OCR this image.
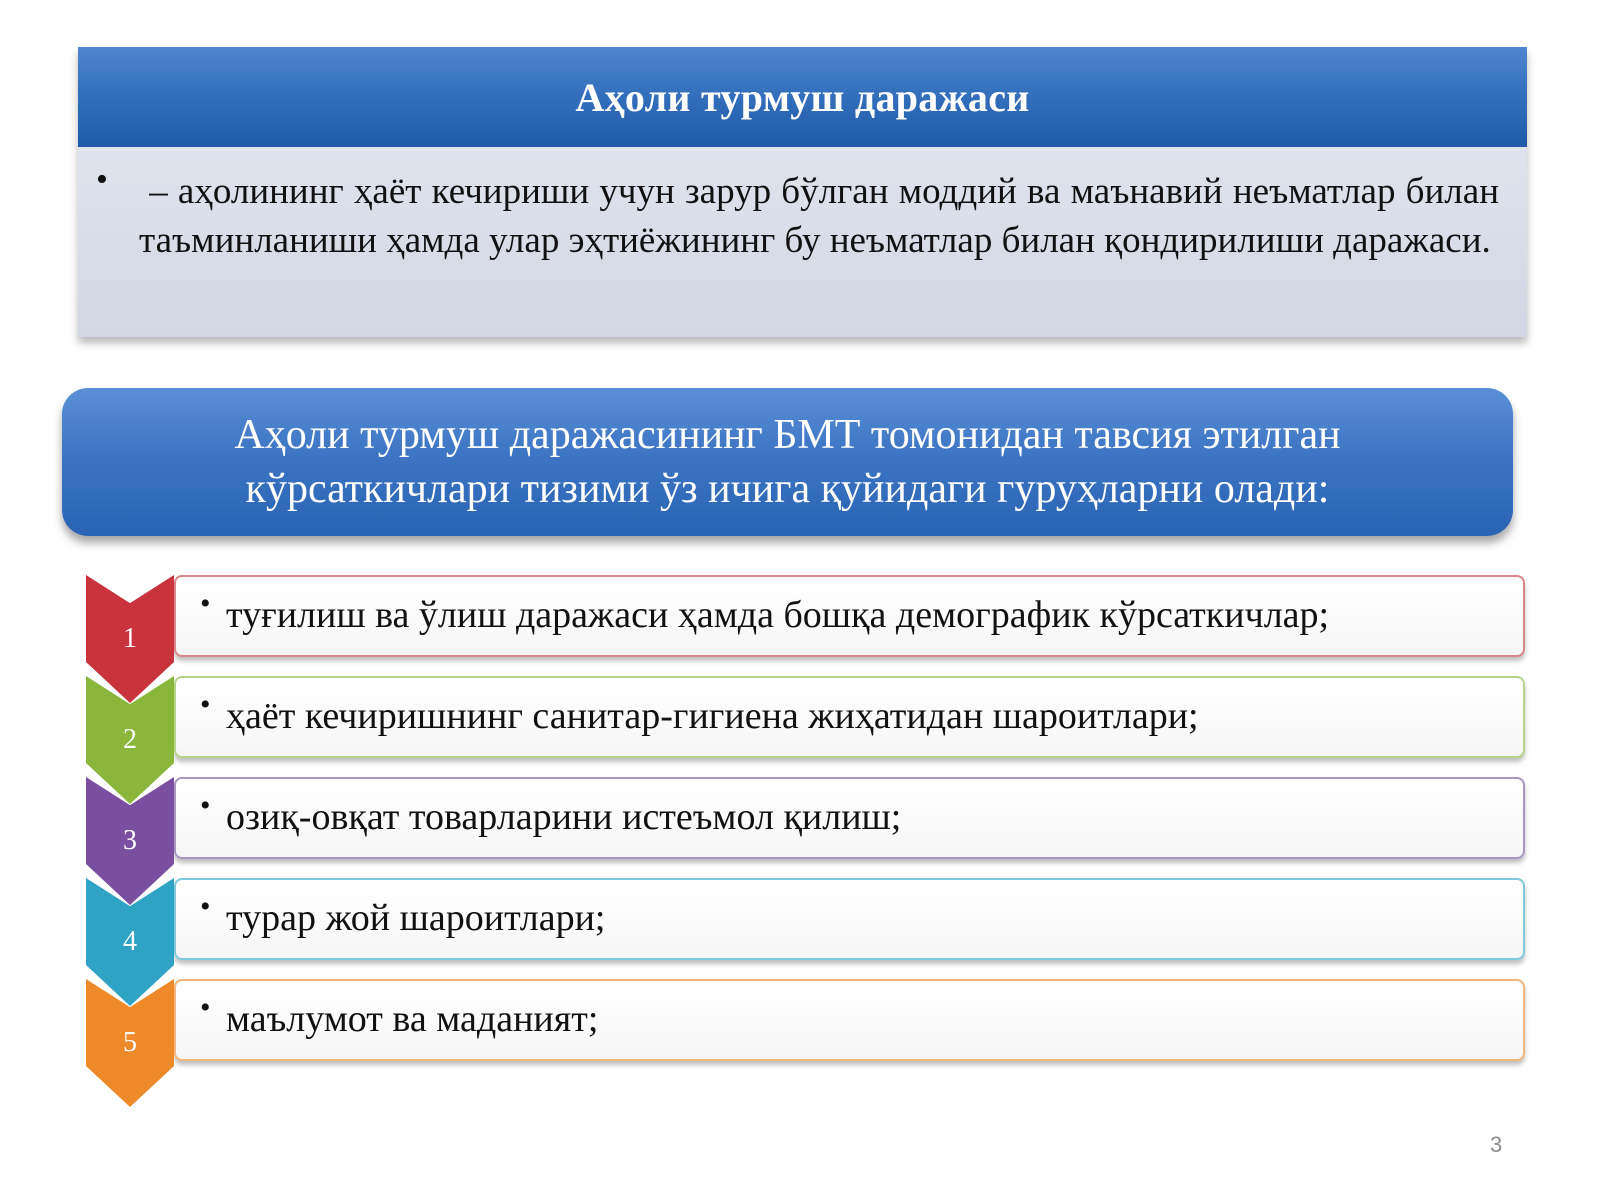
Аҳоли турмуш даражаси
• – аҳолининг ҳаёт кечириши учун зарур бўлган моддий ва маънавий неъматлар билан таъминланиши ҳамда улар эҳтиёжининг бу неъматлар билан қондирилиши даражаси.
Аҳоли турмуш даражасининг БМТ томонидан тавсия этилган кўрсаткичлари тизими ўз ичига қуйидаги гуруҳларни олади:
• туғилиш ва ўлиш даражаси ҳамда бошқа демографик кўрсаткичлар;
1
• ҳаёт кечиришнинг санитар-гигиена жиҳатидан шароитлари;
2
• озиқ-овқат товарларини истеъмол қилиш;
3
• турар жой шароитлари;
4
• маълумот ва маданият;
5
3
